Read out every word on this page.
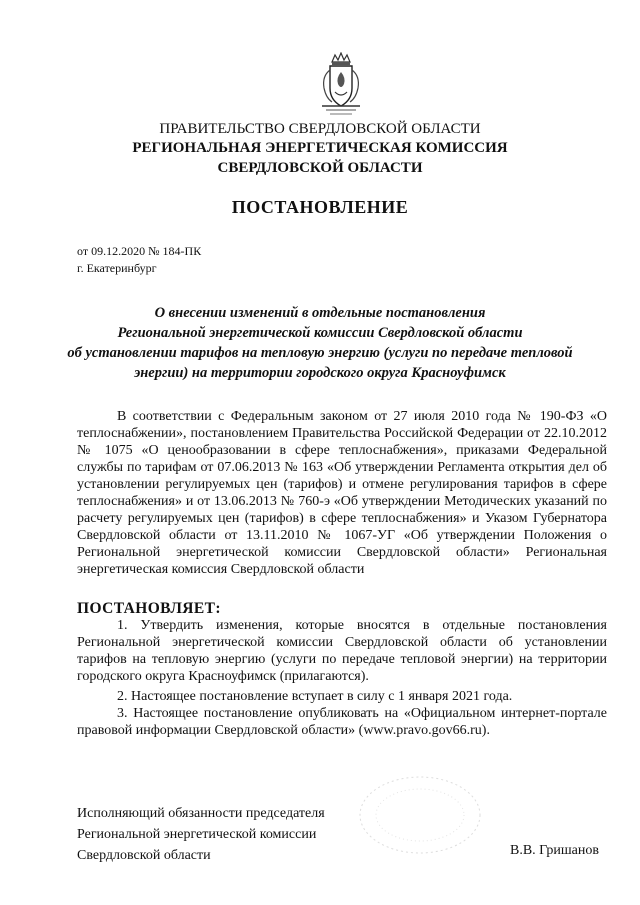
ПРАВИТЕЛЬСТВО СВЕРДЛОВСКОЙ ОБЛАСТИ
РЕГИОНАЛЬНАЯ ЭНЕРГЕТИЧЕСКАЯ КОМИССИЯ
СВЕРДЛОВСКОЙ ОБЛАСТИ
ПОСТАНОВЛЕНИЕ
от 09.12.2020 № 184-ПК
г. Екатеринбург
О внесении изменений в отдельные постановления
Региональной энергетической комиссии Свердловской области
об установлении тарифов на тепловую энергию (услуги по передаче тепловой
энергии) на территории городского округа Красноуфимск
В соответствии с Федеральным законом от 27 июля 2010 года № 190-ФЗ «О теплоснабжении», постановлением Правительства Российской Федерации от 22.10.2012 № 1075 «О ценообразовании в сфере теплоснабжения», приказами Федеральной службы по тарифам от 07.06.2013 № 163 «Об утверждении Регламента открытия дел об установлении регулируемых цен (тарифов) и отмене регулирования тарифов в сфере теплоснабжения» и от 13.06.2013 № 760-э «Об утверждении Методических указаний по расчету регулируемых цен (тарифов) в сфере теплоснабжения» и Указом Губернатора Свердловской области от 13.11.2010 № 1067-УГ «Об утверждении Положения о Региональной энергетической комиссии Свердловской области» Региональная энергетическая комиссия Свердловской области
ПОСТАНОВЛЯЕТ:
1. Утвердить изменения, которые вносятся в отдельные постановления Региональной энергетической комиссии Свердловской области об установлении тарифов на тепловую энергию (услуги по передаче тепловой энергии) на территории городского округа Красноуфимск (прилагаются).
2. Настоящее постановление вступает в силу с 1 января 2021 года.
3. Настоящее постановление опубликовать на «Официальном интернет-портале правовой информации Свердловской области» (www.pravo.gov66.ru).
Исполняющий обязанности председателя
Региональной энергетической комиссии
Свердловской области	В.В. Гришанов
